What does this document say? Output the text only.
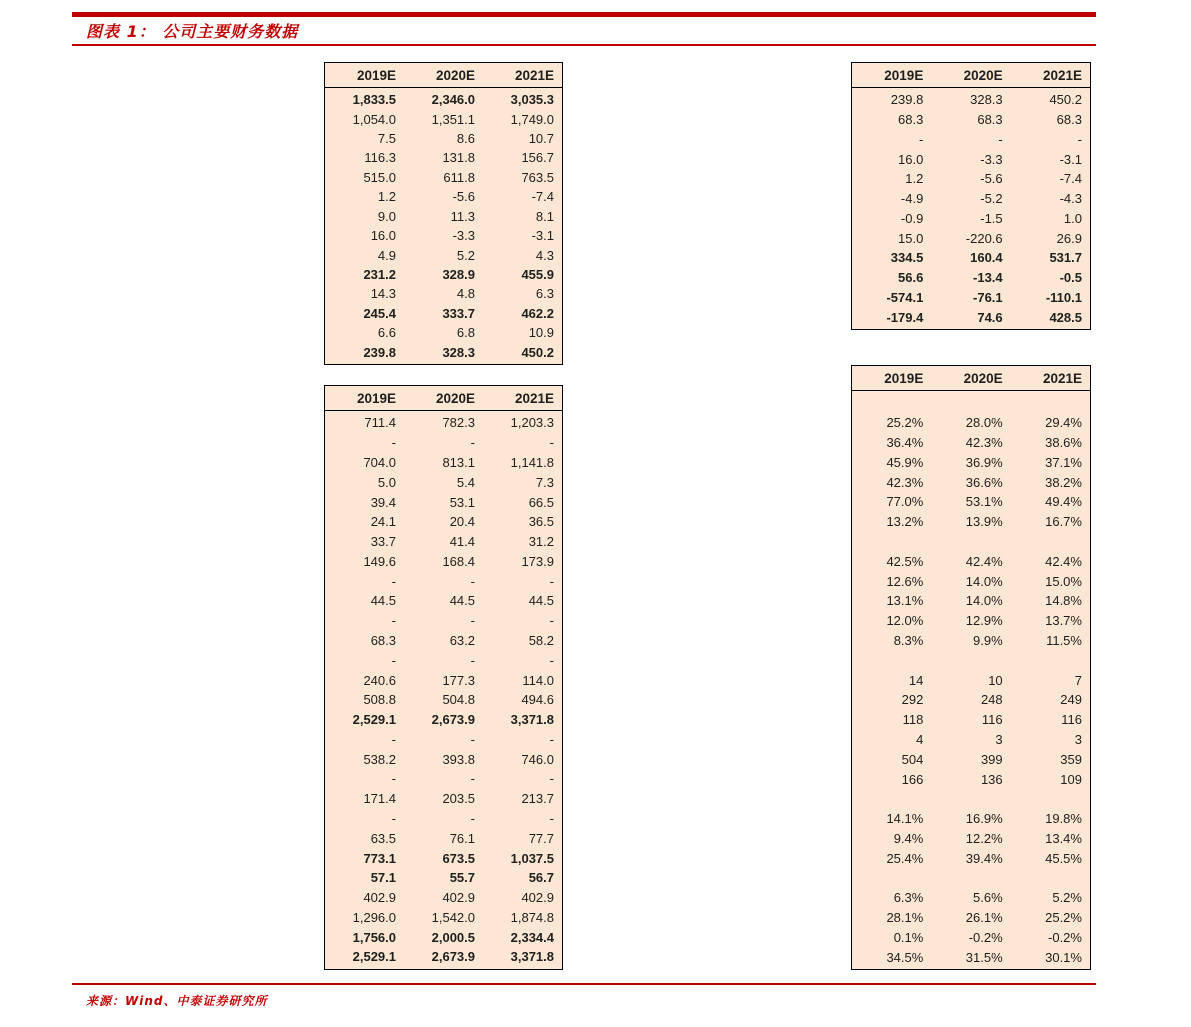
图表 1： 公司主要财务数据
2019E	2020E	2021E
1,833.5	2,346.0	3,035.3
1,054.0	1,351.1	1,749.0
7.5	8.6	10.7
116.3	131.8	156.7
515.0	611.8	763.5
1.2	-5.6	-7.4
9.0	11.3	8.1
16.0	-3.3	-3.1
4.9	5.2	4.3
231.2	328.9	455.9
14.3	4.8	6.3
245.4	333.7	462.2
6.6	6.8	10.9
239.8	328.3	450.2
2019E	2020E	2021E
239.8	328.3	450.2
68.3	68.3	68.3
-	-	-
16.0	-3.3	-3.1
1.2	-5.6	-7.4
-4.9	-5.2	-4.3
-0.9	-1.5	1.0
15.0	-220.6	26.9
334.5	160.4	531.7
56.6	-13.4	-0.5
-574.1	-76.1	-110.1
-179.4	74.6	428.5
2019E	2020E	2021E
711.4	782.3	1,203.3
-	-	-
704.0	813.1	1,141.8
5.0	5.4	7.3
39.4	53.1	66.5
24.1	20.4	36.5
33.7	41.4	31.2
149.6	168.4	173.9
-	-	-
44.5	44.5	44.5
-	-	-
68.3	63.2	58.2
-	-	-
240.6	177.3	114.0
508.8	504.8	494.6
2,529.1	2,673.9	3,371.8
-	-	-
538.2	393.8	746.0
-	-	-
171.4	203.5	213.7
-	-	-
63.5	76.1	77.7
773.1	673.5	1,037.5
57.1	55.7	56.7
402.9	402.9	402.9
1,296.0	1,542.0	1,874.8
1,756.0	2,000.5	2,334.4
2,529.1	2,673.9	3,371.8
2019E	2020E	2021E
25.2%	28.0%	29.4%
36.4%	42.3%	38.6%
45.9%	36.9%	37.1%
42.3%	36.6%	38.2%
77.0%	53.1%	49.4%
13.2%	13.9%	16.7%
42.5%	42.4%	42.4%
12.6%	14.0%	15.0%
13.1%	14.0%	14.8%
12.0%	12.9%	13.7%
8.3%	9.9%	11.5%
14	10	7
292	248	249
118	116	116
4	3	3
504	399	359
166	136	109
14.1%	16.9%	19.8%
9.4%	12.2%	13.4%
25.4%	39.4%	45.5%
6.3%	5.6%	5.2%
28.1%	26.1%	25.2%
0.1%	-0.2%	-0.2%
34.5%	31.5%	30.1%
来源：Wind、中泰证券研究所
